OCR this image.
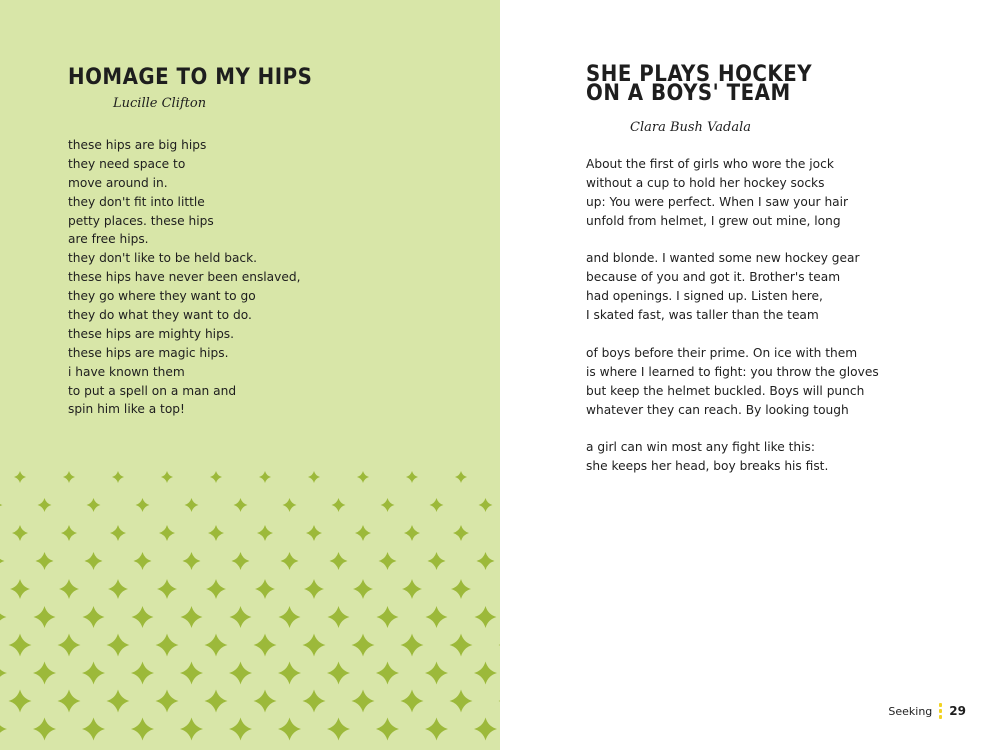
HOMAGE TO MY HIPS
Lucille Clifton
these hips are big hips
they need space to
move around in.
they don't fit into little
petty places. these hips
are free hips.
they don't like to be held back.
these hips have never been enslaved,
they go where they want to go
they do what they want to do.
these hips are mighty hips.
these hips are magic hips.
i have known them
to put a spell on a man and
spin him like a top!
SHE PLAYS HOCKEY
ON A BOYS' TEAM
Clara Bush Vadala
About the first of girls who wore the jock
without a cup to hold her hockey socks
up: You were perfect. When I saw your hair
unfold from helmet, I grew out mine, long
and blonde. I wanted some new hockey gear
because of you and got it. Brother's team
had openings. I signed up. Listen here,
I skated fast, was taller than the team
of boys before their prime. On ice with them
is where I learned to fight: you throw the gloves
but keep the helmet buckled. Boys will punch
whatever they can reach. By looking tough
a girl can win most any fight like this:
she keeps her head, boy breaks his fist.
Seeking 29
